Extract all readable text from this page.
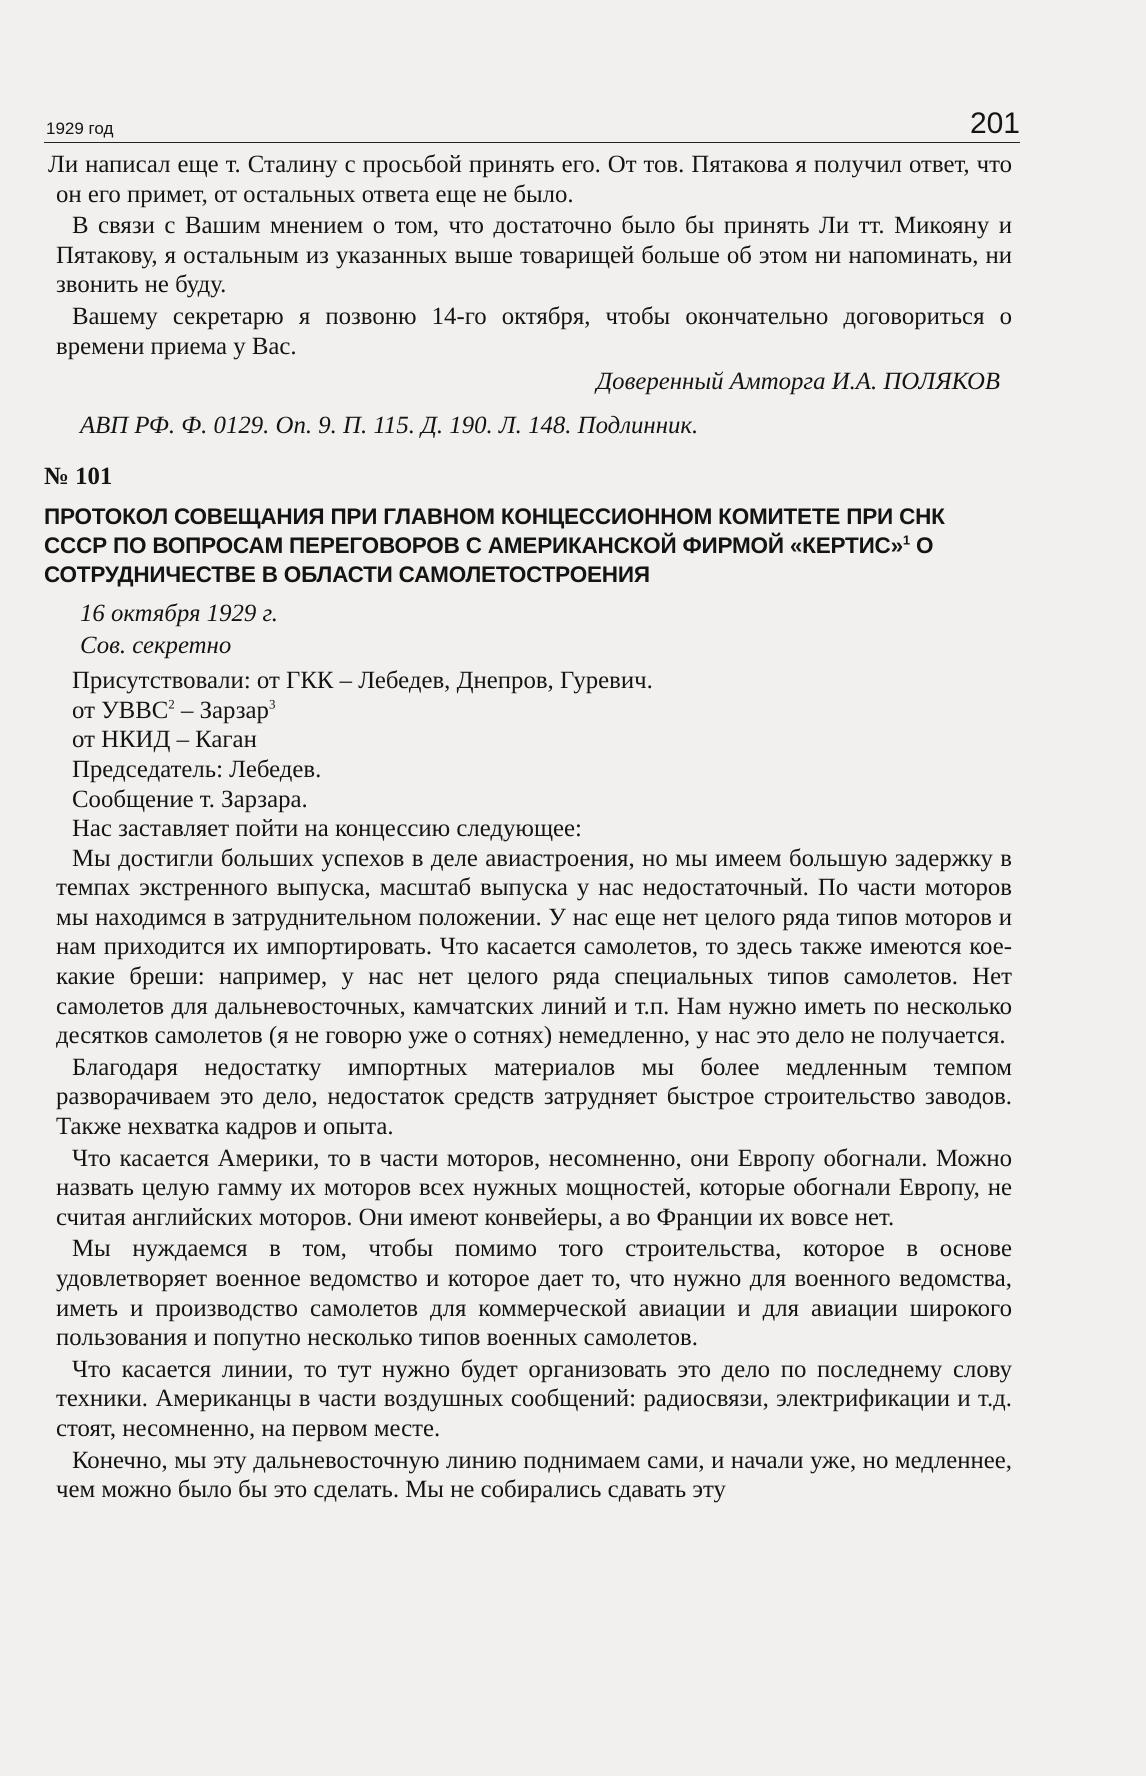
1929 год	201

Ли написал еще т. Сталину с просьбой принять его. От тов. Пятакова я получил ответ, что он его примет, от остальных ответа еще не было.

В связи с Вашим мнением о том, что достаточно было бы принять Ли тт. Микояну и Пятакову, я остальным из указанных выше товарищей больше об этом ни напоминать, ни звонить не буду.

Вашему секретарю я позвоню 14-го октября, чтобы окончательно договориться о времени приема у Вас.

Доверенный Амторга И.А. ПОЛЯКОВ

АВП РФ. Ф. 0129. Оп. 9. П. 115. Д. 190. Л. 148. Подлинник.

№ 101

ПРОТОКОЛ СОВЕЩАНИЯ ПРИ ГЛАВНОМ КОНЦЕССИОННОМ КОМИТЕТЕ ПРИ СНК СССР ПО ВОПРОСАМ ПЕРЕГОВОРОВ С АМЕРИКАНСКОЙ ФИРМОЙ «КЕРТИС»$^1$ О СОТРУДНИЧЕСТВЕ В ОБЛАСТИ САМОЛЕТОСТРОЕНИЯ

16 октября 1929 г.

Сов. секретно

Присутствовали: от ГКК – Лебедев, Днепров, Гуревич.

от УВВС$^2$ – Зарзар$^3$

от НКИД – Каган

Председатель: Лебедев.

Сообщение т. Зарзара.

Нас заставляет пойти на концессию следующее:

Мы достигли больших успехов в деле авиастроения, но мы имеем большую задержку в темпах экстренного выпуска, масштаб выпуска у нас недостаточный. По части моторов мы находимся в затруднительном положении. У нас еще нет целого ряда типов моторов и нам приходится их импортировать. Что касается самолетов, то здесь также имеются кое-какие бреши: например, у нас нет целого ряда специальных типов самолетов. Нет самолетов для дальневосточных, камчатских линий и т.п. Нам нужно иметь по несколько десятков самолетов (я не говорю уже о сотнях) немедленно, у нас это дело не получается.

Благодаря недостатку импортных материалов мы более медленным темпом разворачиваем это дело, недостаток средств затрудняет быстрое строительство заводов. Также нехватка кадров и опыта.

Что касается Америки, то в части моторов, несомненно, они Европу обогнали. Можно назвать целую гамму их моторов всех нужных мощностей, которые обогнали Европу, не считая английских моторов. Они имеют конвейеры, а во Франции их вовсе нет.

Мы нуждаемся в том, чтобы помимо того строительства, которое в основе удовлетворяет военное ведомство и которое дает то, что нужно для военного ведомства, иметь и производство самолетов для коммерческой авиации и для авиации широкого пользования и попутно несколько типов военных самолетов.

Что касается линии, то тут нужно будет организовать это дело по последнему слову техники. Американцы в части воздушных сообщений: радиосвязи, электрификации и т.д. стоят, несомненно, на первом месте.

Конечно, мы эту дальневосточную линию поднимаем сами, и начали уже, но медленнее, чем можно было бы это сделать. Мы не собирались сдавать эту
